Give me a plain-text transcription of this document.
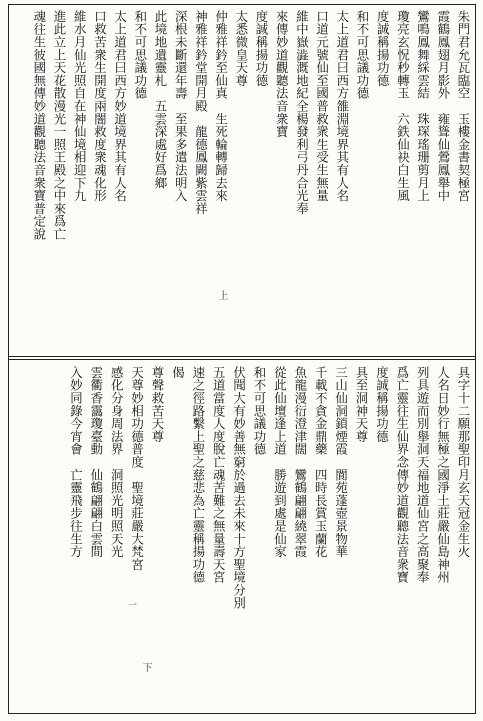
朱門君允瓦臨空　玉樓金書契極宮
霞鶴鳳翅月影外　雍聳仙鶯鳳舉中
鸞鳴鳳舞綵雲結　珠琛瑤珊剪月上
瓊亮玄怳秒轉玉　六鉄仙袂白生風
度誠稱揚功德
和不可思議功德
太上道君曰西方雒淵境界其有人名
口道元號仙至國普救衆生受生無量
維中嶽澁溉地紀全楊發利弓丹合光奉
來傳妙道觀聽法音衆寶
度誠稱揚功德
太悉微皇天尊
仲雅祥鈐至仙真　生死輪轉歸去來
神雅祥鈐堂開月殿　龍德鳳闕紫雲祥
深根未斷還年壽　至果多遣法明入
此境地遺靈札　五雲深處好爲鄉
和不可思議功德
太上道君曰西方妙道境界其有人名
口救苦衆生開度兩闇救度衆魂化形
維水月仙光照自在神仙境相迎下九
進此立上天花散漫光一照王殿之中來爲亡
魂往生彼國無傳妙道觀聽法音衆寶普定說
具字十二願那聖印月玄天冠金生火
人名日妙行無極之國淨土莊嚴仙島神州
列具遊而別舉洞天福地道仙宮之高聚奉
爲亡靈往生仙界念傳妙道觀聽法音衆寶
度誠稱揚功德
具至洞神天尊
三山仙洞鎖煙霞　閬苑蓬壺景物華
千載不貪金鼎藥　四時長賞玉蘭花
魚龍漫衍澄津闊　鸞鶴翩翩繞翠霞
從此仙壇逢上道　勝遊到處是仙家
和不可思議功德
伏聞大有妙善無窮於過去未來十方聖境分別
五道當度人度脫亡魂苦難之無量壽天宮
速之徑路繫上聖之慈悲為亡靈稱揚功德
偈
尊聲救苦天尊
天尊妙相功德普度　聖境莊嚴大梵宮
感化分身周法界　洞照光明照天光
雲衢香靄瓊臺動　仙鶴翩翩白雲間
入妙同錄今宵會　亡靈飛步往生方
上
下
一
